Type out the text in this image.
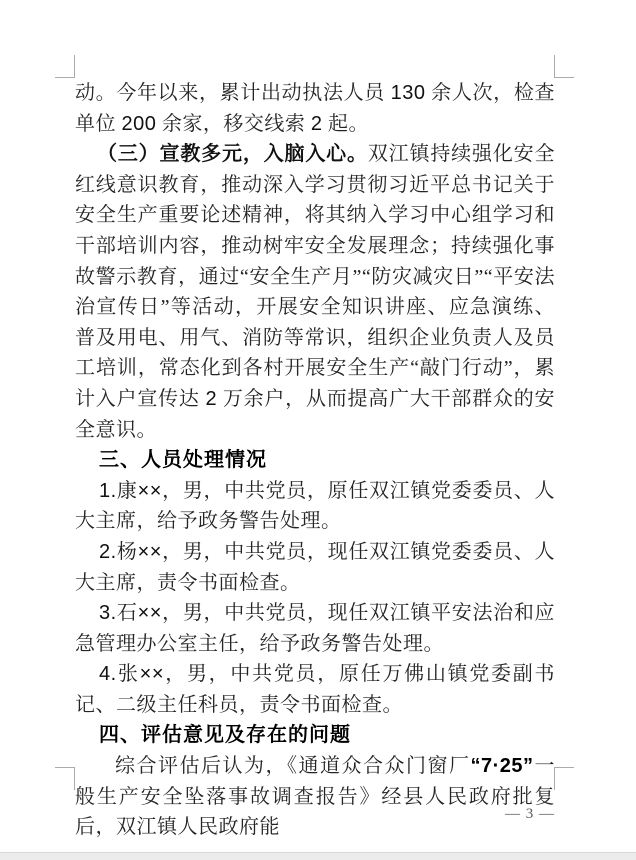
动。今年以来，累计出动执法人员 130 余人次，检查单位 200 余家，移交线索 2 起。

（三）宣教多元，入脑入心。双江镇持续强化安全红线意识教育，推动深入学习贯彻习近平总书记关于安全生产重要论述精神，将其纳入学习中心组学习和干部培训内容，推动树牢安全发展理念；持续强化事故警示教育，通过“安全生产月”“防灾减灾日”“平安法治宣传日”等活动，开展安全知识讲座、应急演练、普及用电、用气、消防等常识，组织企业负责人及员工培训，常态化到各村开展安全生产“敲门行动”，累计入户宣传达 2 万余户，从而提高广大干部群众的安全意识。

三、人员处理情况

1.康××，男，中共党员，原任双江镇党委委员、人大主席，给予政务警告处理。

2.杨××，男，中共党员，现任双江镇党委委员、人大主席，责令书面检查。

3.石××，男，中共党员，现任双江镇平安法治和应急管理办公室主任，给予政务警告处理。

4.张××，男，中共党员，原任万佛山镇党委副书记、二级主任科员，责令书面检查。

四、评估意见及存在的问题

综合评估后认为，《通道众合众门窗厂“7·25”一般生产安全坠落事故调查报告》经县人民政府批复后，双江镇人民政府能

— 3 —
